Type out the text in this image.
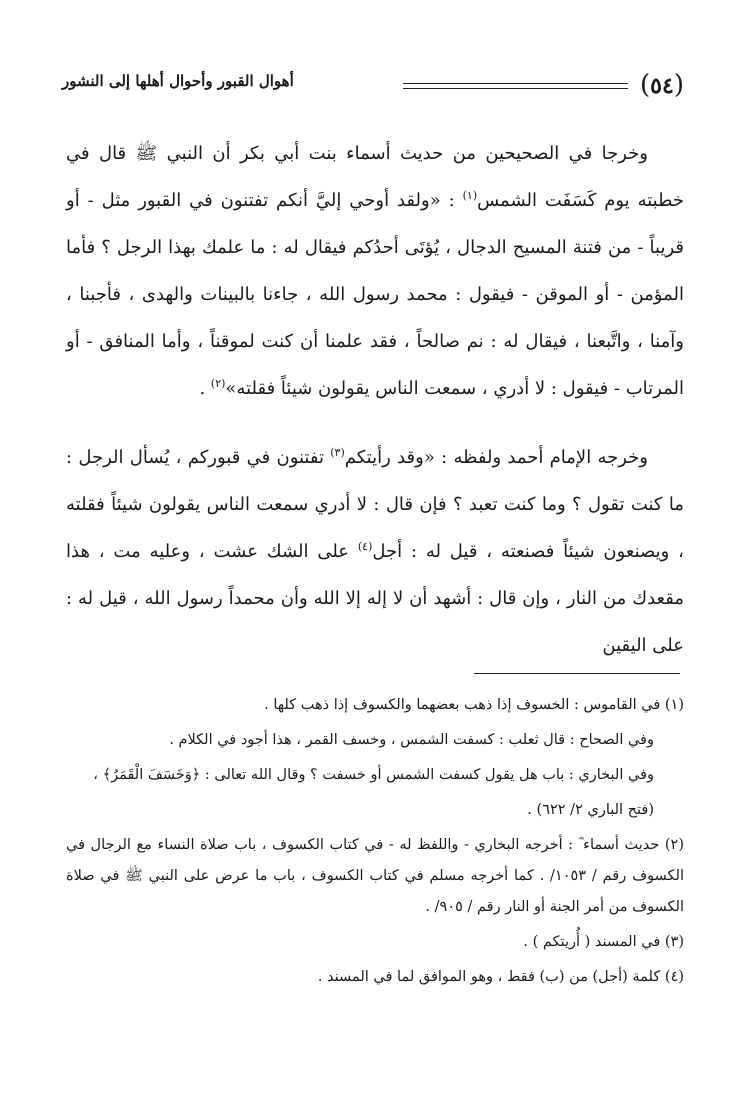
(٥٤)
أهوال القبور وأحوال أهلها إلى النشور

وخرجا في الصحيحين من حديث أسماء بنت أبي بكر أن النبي ﷺ قال في خطبته يوم كَسَفَت الشمس$^{(١)}$ : «ولقد أوحي إليَّ أنكم تفتنون في القبور مثل - أو قريباً - من فتنة المسيح الدجال ، يُؤتَى أحدُكم فيقال له : ما علمك بهذا الرجل ؟ فأما المؤمن - أو الموقن - فيقول : محمد رسول الله ، جاءنا بالبينات والهدى ، فأجبنا ، وآمنا ، واتَّبعنا ، فيقال له : نم صالحاً ، فقد علمنا أن كنت لموقناً ، وأما المنافق - أو المرتاب - فيقول : لا أدري ، سمعت الناس يقولون شيئاً فقلته»$^{(٢)}$ .

وخرجه الإمام أحمد ولفظه : «وقد رأيتكم$^{(٣)}$ تفتنون في قبوركم ، يُسأل الرجل : ما كنت تقول ؟ وما كنت تعبد ؟ فإن قال : لا أدري سمعت الناس يقولون شيئاً فقلته ، ويصنعون شيئاً فصنعته ، قيل له : أجل$^{(٤)}$ على الشك عشت ، وعليه مت ، هذا مقعدك من النار ، وإن قال : أشهد أن لا إله إلا الله وأن محمداً رسول الله ، قيل له : على اليقين

(١) في القاموس : الخسوف إذا ذهب بعضهما والكسوف إذا ذهب كلها .

وفي الصحاح : قال ثعلب : كسفت الشمس ، وخسف القمر ، هذا أجود في الكلام .

وفي البخاري : باب هل يقول كسفت الشمس أو خسفت ؟ وقال الله تعالى : ﴿وَخَسَفَ الْقَمَرُ﴾ ،

(فتح الباري ٢/ ٦٢٢) .

(٢) حديث أسماء ؓ : أخرجه البخاري - واللفظ له - في كتاب الكسوف ، باب صلاة النساء مع الرجال في الكسوف رقم / ١٠٥٣/ . كما أخرجه مسلم في كتاب الكسوف ، باب ما عرض على النبي ﷺ في صلاة الكسوف من أمر الجنة أو النار رقم / ٩٠٥/ .

(٣) في المسند ( أُريتكم ) .

(٤) كلمة (أجل) من (ب) فقط ، وهو الموافق لما في المسند .
